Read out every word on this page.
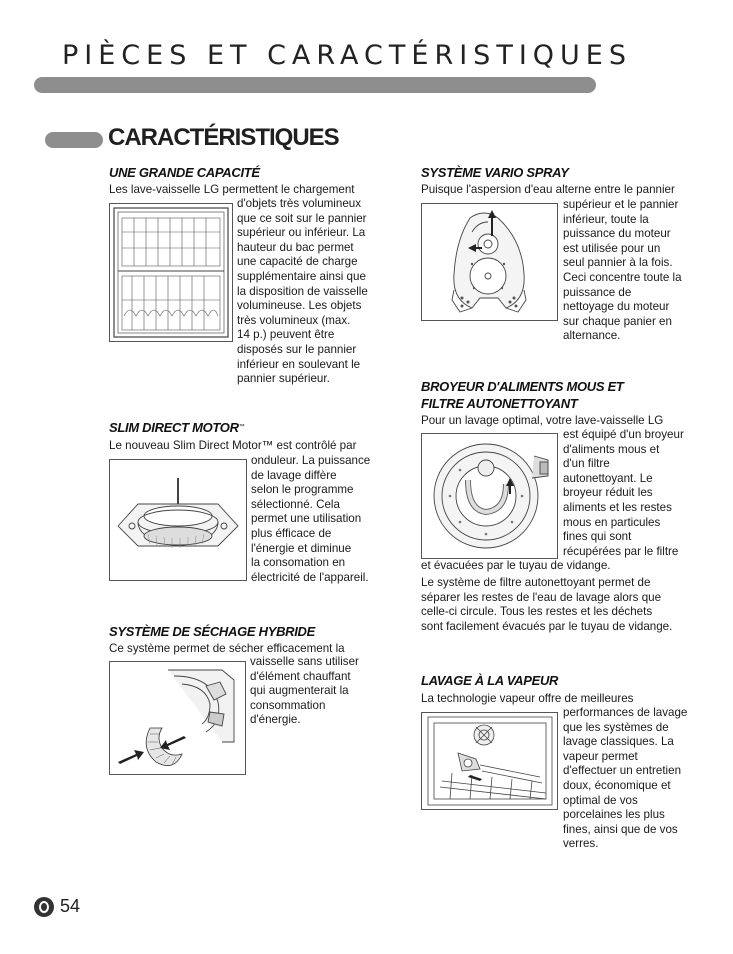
PIÈCES ET CARACTÉRISTIQUES
CARACTÉRISTIQUES
UNE GRANDE CAPACITÉ
Les lave-vaisselle LG permettent le chargement
d'objets très volumineux
que ce soit sur le pannier
supérieur ou inférieur. La
hauteur du bac permet
une capacité de charge
supplémentaire ainsi que
la disposition de vaisselle
volumineuse. Les objets
très volumineux (max.
14 p.) peuvent être
disposés sur le pannier
inférieur en soulevant le
pannier supérieur.
SLIM DIRECT MOTOR™
Le nouveau Slim Direct Motor™ est contrôlé par
onduleur. La puissance
de lavage diffère
selon le programme
sélectionné. Cela
permet une utilisation
plus éfficace de
l'énergie et diminue
la consomation en
électricité de l'appareil.
SYSTÈME DE SÉCHAGE HYBRIDE
Ce système permet de sécher efficacement la
vaisselle sans utiliser
d'élément chauffant
qui augmenterait la
consommation
d'énergie.
SYSTÈME VARIO SPRAY
Puisque l'aspersion d'eau alterne entre le pannier
supérieur et le pannier
inférieur, toute la
puissance du moteur
est utilisée pour un
seul pannier à la fois.
Ceci concentre toute la
puissance de
nettoyage du moteur
sur chaque panier en
alternance.
BROYEUR D'ALIMENTS MOUS ET
FILTRE AUTONETTOYANT
Pour un lavage optimal, votre lave-vaisselle LG
est équipé d'un broyeur
d'aliments mous et
d'un filtre
autonettoyant. Le
broyeur réduit les
aliments et les restes
mous en particules
fines qui sont
récupérées par le filtre
et évacuées par le tuyau de vidange.
Le système de filtre autonettoyant permet de
séparer les restes de l'eau de lavage alors que
celle-ci circule. Tous les restes et les déchets
sont facilement évacués par le tuyau de vidange.
LAVAGE À LA VAPEUR
La technologie vapeur offre de meilleures
performances de lavage
que les systèmes de
lavage classiques. La
vapeur permet
d'effectuer un entretien
doux, économique et
optimal de vos
porcelaines les plus
fines, ainsi que de vos
verres.
54
